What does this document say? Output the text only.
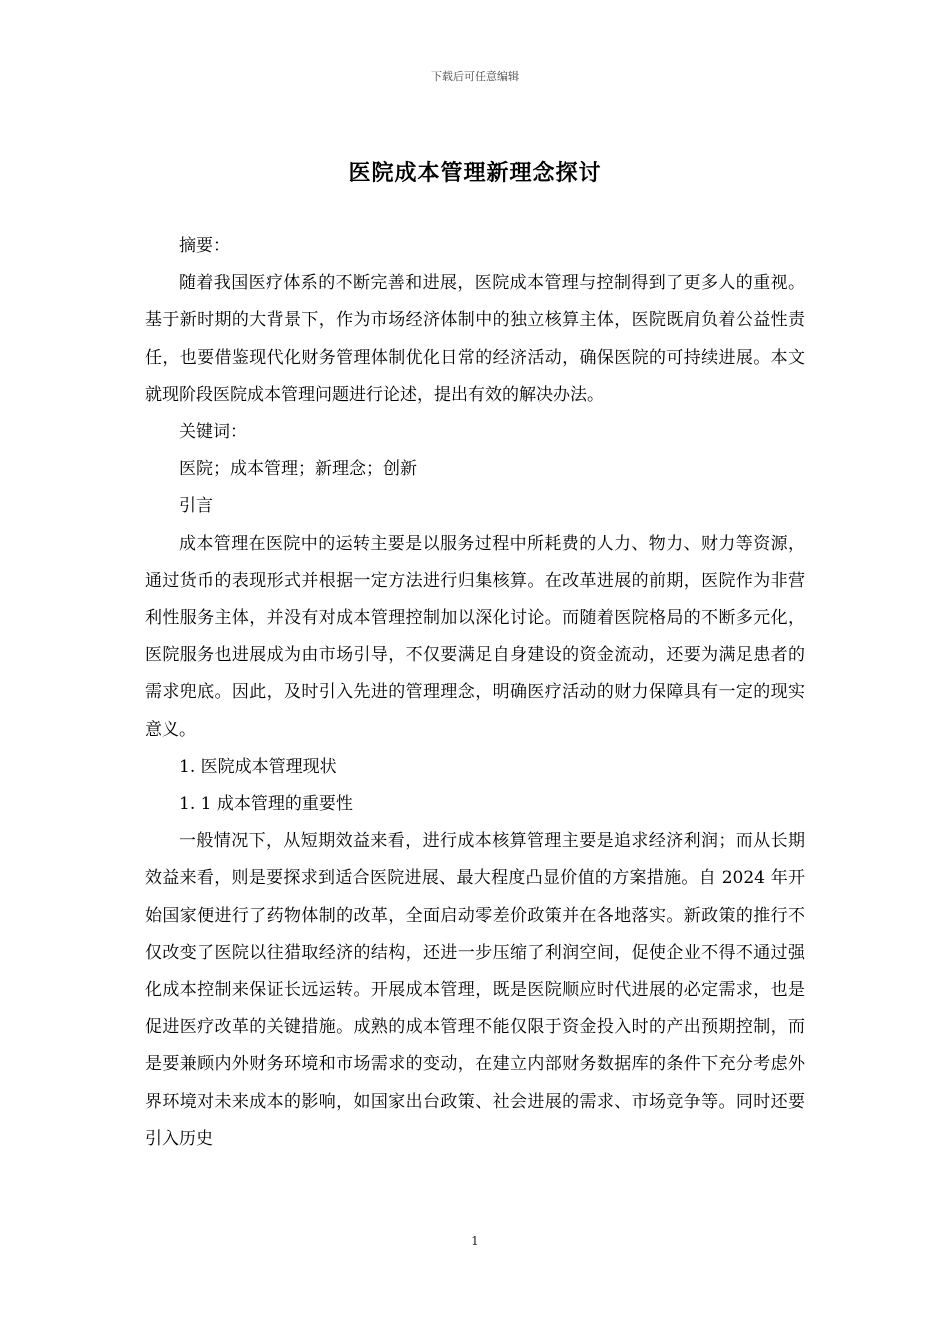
下载后可任意编辑
医院成本管理新理念探讨

摘要：

随着我国医疗体系的不断完善和进展，医院成本管理与控制得到了更多人的重视。基于新时期的大背景下，作为市场经济体制中的独立核算主体，医院既肩负着公益性责任，也要借鉴现代化财务管理体制优化日常的经济活动，确保医院的可持续进展。本文就现阶段医院成本管理问题进行论述，提出有效的解决办法。

关键词：

医院；成本管理；新理念；创新

引言

成本管理在医院中的运转主要是以服务过程中所耗费的人力、物力、财力等资源，通过货币的表现形式并根据一定方法进行归集核算。在改革进展的前期，医院作为非营利性服务主体，并没有对成本管理控制加以深化讨论。而随着医院格局的不断多元化，医院服务也进展成为由市场引导，不仅要满足自身建设的资金流动，还要为满足患者的需求兜底。因此，及时引入先进的管理理念，明确医疗活动的财力保障具有一定的现实意义。

1. 医院成本管理现状

1. 1 成本管理的重要性

一般情况下，从短期效益来看，进行成本核算管理主要是追求经济利润；而从长期效益来看，则是要探求到适合医院进展、最大程度凸显价值的方案措施。自 2024 年开始国家便进行了药物体制的改革，全面启动零差价政策并在各地落实。新政策的推行不仅改变了医院以往猎取经济的结构，还进一步压缩了利润空间，促使企业不得不通过强化成本控制来保证长远运转。开展成本管理，既是医院顺应时代进展的必定需求，也是促进医疗改革的关键措施。成熟的成本管理不能仅限于资金投入时的产出预期控制，而是要兼顾内外财务环境和市场需求的变动，在建立内部财务数据库的条件下充分考虑外界环境对未来成本的影响，如国家出台政策、社会进展的需求、市场竞争等。同时还要引入历史

1
